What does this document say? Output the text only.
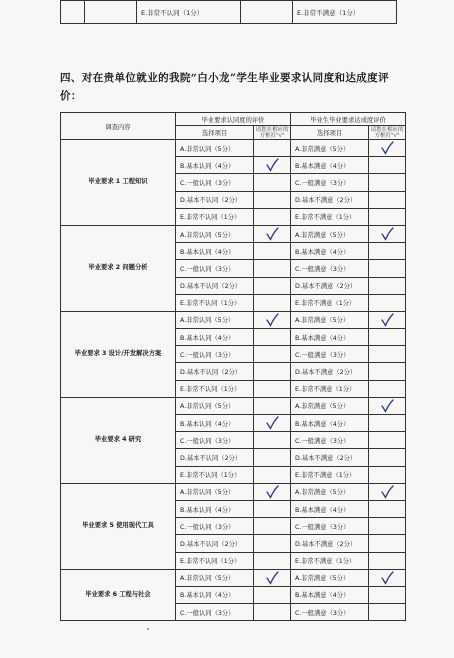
		E.非常不认同（1分）		E.非常不满意（1分）
四、对在贵单位就业的我院“白小龙”学生毕业要求认同度和达成度评价：
调查内容	毕业要求认同度的评价		毕业生毕业要求达成度评价	
	选择项目	请您在相应的方框打"√"	选择项目	请您在相应的方框打"√"

毕业要求 1 工程知识	A.非常认同（5分）		A.非常满意（5分）	

	B.基本认同（4分）		B.基本满意（4分）	
	C.一般认同（3分）		C.一般满意（3分）	
	D.基本不认同（2分）		D.基本不满意（2分）	
	E.非常不认同（1分）		E.非常不满意（1分）	
毕业要求 2 问题分析	A.非常认同（5分）		A.非常满意（5分）	

	B.基本认同（4分）		B.基本满意（4分）	
	C.一般认同（3分）		C.一般满意（3分）	
	D.基本不认同（2分）		D.基本不满意（2分）	
	E.非常不认同（1分）		E.非常不满意（1分）	
毕业要求 3 设计/开发解决方案	A.非常认同（5分）		A.非常满意（5分）	

	B.基本认同（4分）		B.基本满意（4分）	
	C.一般认同（3分）		C.一般满意（3分）	
	D.基本不认同（2分）		D.基本不满意（2分）	
	E.非常不认同（1分）		E.非常不满意（1分）	
毕业要求 4 研究	A.非常认同（5分）		A.非常满意（5分）	

	B.基本认同（4分）		B.基本满意（4分）	
	C.一般认同（3分）		C.一般满意（3分）	
	D.基本不认同（2分）		D.基本不满意（2分）	
	E.非常不认同（1分）		E.非常不满意（1分）	
毕业要求 5 使用现代工具	A.非常认同（5分）		A.非常满意（5分）	

	B.基本认同（4分）		B.基本满意（4分）	
	C.一般认同（3分）		C.一般满意（3分）	
	D.基本不认同（2分）		D.基本不满意（2分）	
	E.非常不认同（1分）		E.非常不满意（1分）	
毕业要求 6 工程与社会	A.非常认同（5分）		A.非常满意（5分）	

	B.基本认同（4分）		B.基本满意（4分）	
	C.一般认同（3分）		C.一般满意（3分）	
